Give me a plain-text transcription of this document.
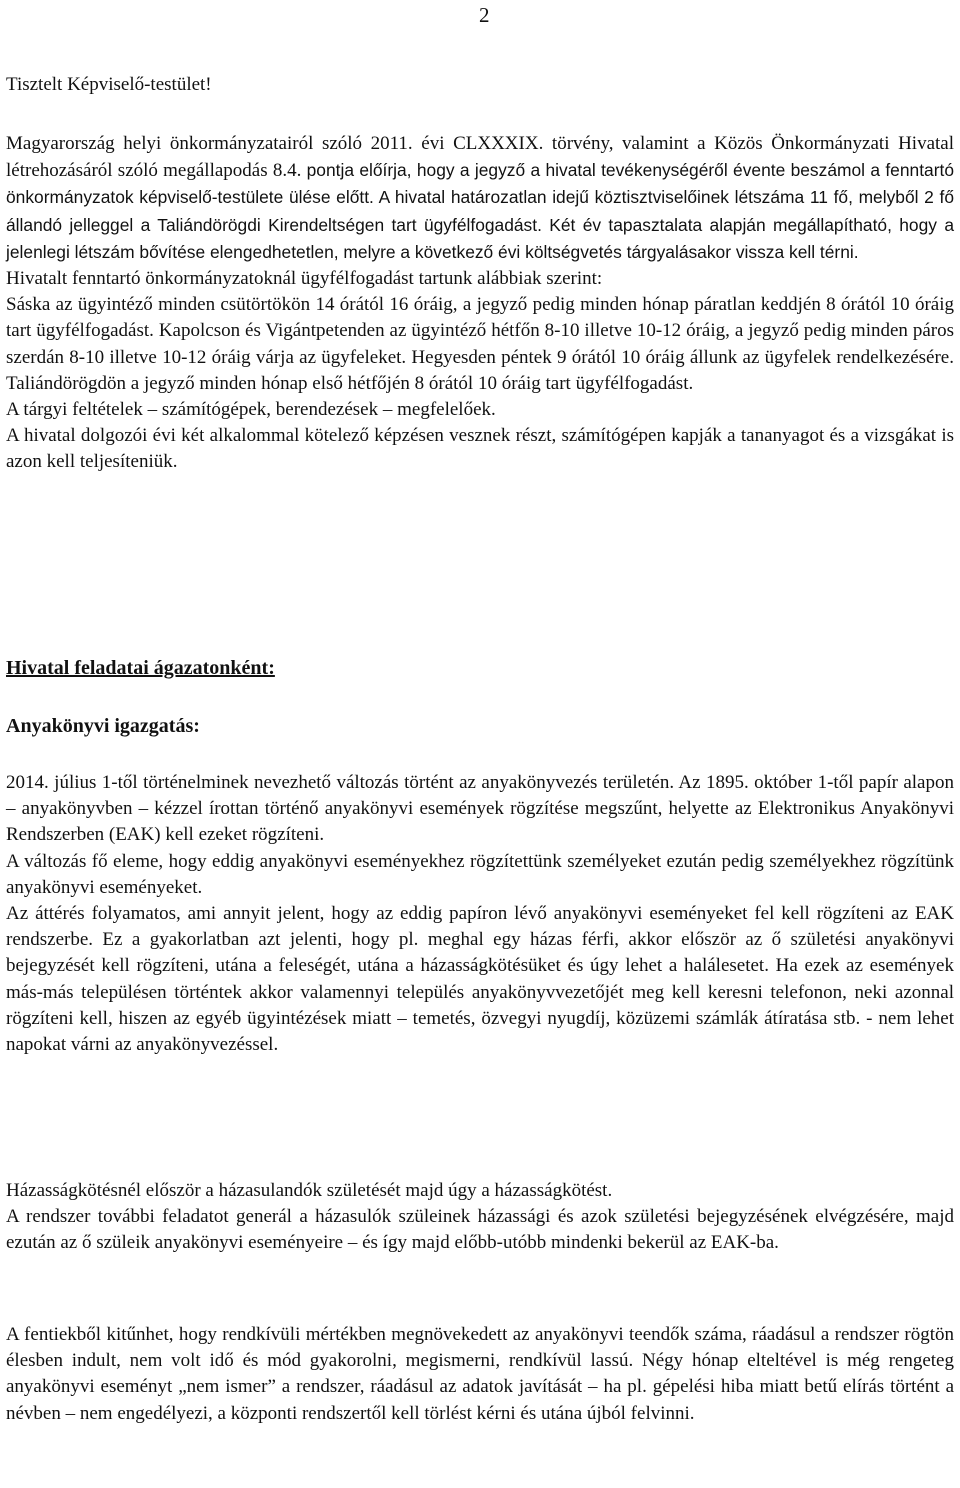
2

Tisztelt Képviselő-testület!

Magyarország helyi önkormányzatairól szóló 2011. évi CLXXXIX. törvény, valamint a Közös Önkormányzati Hivatal létrehozásáról szóló megállapodás 8.4. pontja előírja, hogy a jegyző a hivatal tevékenységéről évente beszámol a fenntartó önkormányzatok képviselő-testülete ülése előtt. A hivatal határozatlan idejű köztisztviselőinek létszáma 11 fő, melyből 2 fő állandó jelleggel a Taliándörögdi Kirendeltségen tart ügyfélfogadást. Két év tapasztalata alapján megállapítható, hogy a jelenlegi létszám bővítése elengedhetetlen, melyre a következő évi költségvetés tárgyalásakor vissza kell térni.

Hivatalt fenntartó önkormányzatoknál ügyfélfogadást tartunk alábbiak szerint:

Sáska az ügyintéző minden csütörtökön 14 órától 16 óráig, a jegyző pedig minden hónap páratlan keddjén 8 órától 10 óráig tart ügyfélfogadást. Kapolcson és Vigántpetenden az ügyintéző hétfőn 8-10 illetve 10-12 óráig, a jegyző pedig minden páros szerdán 8-10 illetve 10-12 óráig várja az ügyfeleket. Hegyesden péntek 9 órától 10 óráig állunk az ügyfelek rendelkezésére. Taliándörögdön a jegyző minden hónap első hétfőjén 8 órától 10 óráig tart ügyfélfogadást.

A tárgyi feltételek – számítógépek, berendezések – megfelelőek.

A hivatal dolgozói évi két alkalommal kötelező képzésen vesznek részt, számítógépen kapják a tananyagot és a vizsgákat is azon kell teljesíteniük.

Hivatal feladatai ágazatonként:

Anyakönyvi igazgatás:

2014. július 1-től történelminek nevezhető változás történt az anyakönyvezés területén. Az 1895. október 1-től papír alapon – anyakönyvben – kézzel írottan történő anyakönyvi események rögzítése megszűnt, helyette az Elektronikus Anyakönyvi Rendszerben (EAK) kell ezeket rögzíteni.

A változás fő eleme, hogy eddig anyakönyvi eseményekhez rögzítettünk személyeket ezután pedig személyekhez rögzítünk anyakönyvi eseményeket.

Az áttérés folyamatos, ami annyit jelent, hogy az eddig papíron lévő anyakönyvi eseményeket fel kell rögzíteni az EAK rendszerbe. Ez a gyakorlatban azt jelenti, hogy pl. meghal egy házas férfi, akkor először az ő születési anyakönyvi bejegyzését kell rögzíteni, utána a feleségét, utána a házasságkötésüket és úgy lehet a halálesetet. Ha ezek az események más-más településen történtek akkor valamennyi település anyakönyvvezetőjét meg kell keresni telefonon, neki azonnal rögzíteni kell, hiszen az egyéb ügyintézések miatt – temetés, özvegyi nyugdíj, közüzemi számlák átíratása stb. - nem lehet napokat várni az anyakönyvezéssel.

Házasságkötésnél először a házasulandók születését majd úgy a házasságkötést.

A rendszer további feladatot generál a házasulók szüleinek házassági és azok születési bejegyzésének elvégzésére, majd ezután az ő szüleik anyakönyvi eseményeire – és így majd előbb-utóbb mindenki bekerül az EAK-ba.

A fentiekből kitűnhet, hogy rendkívüli mértékben megnövekedett az anyakönyvi teendők száma, ráadásul a rendszer rögtön élesben indult, nem volt idő és mód gyakorolni, megismerni, rendkívül lassú. Négy hónap elteltével is még rengeteg anyakönyvi eseményt „nem ismer” a rendszer, ráadásul az adatok javítását – ha pl. gépelési hiba miatt betű elírás történt a névben – nem engedélyezi, a központi rendszertől kell törlést kérni és utána újból felvinni.
